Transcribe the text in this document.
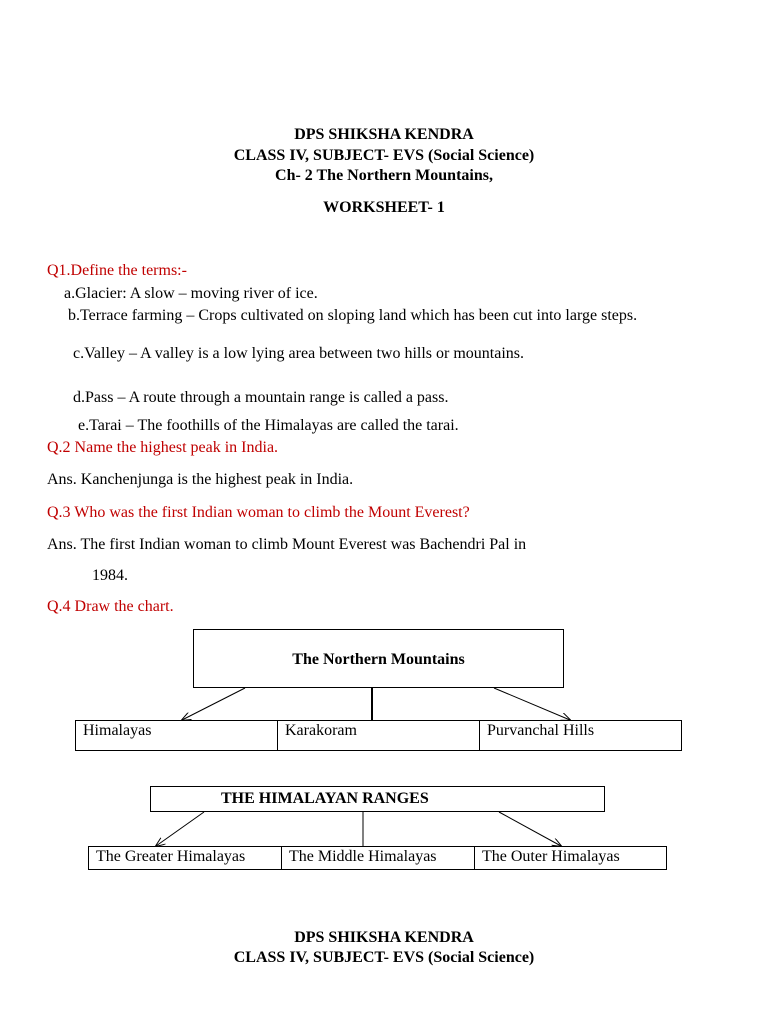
DPS SHIKSHA KENDRA
CLASS IV, SUBJECT- EVS (Social Science)
Ch- 2 The Northern Mountains,
WORKSHEET- 1
Q1.Define the terms:-
a.Glacier: A slow – moving river of ice.
b.Terrace farming – Crops cultivated on sloping land which has been cut into large steps.
c.Valley – A valley is a low lying area between two hills or mountains.
d.Pass – A route through a mountain range is called a pass.
e.Tarai – The foothills of the Himalayas are called the tarai.
Q.2 Name the highest peak in India.
Ans. Kanchenjunga is the highest peak in India.
Q.3 Who was the first Indian woman to climb the Mount Everest?
Ans. The first Indian woman to climb Mount Everest was Bachendri Pal in
1984.
Q.4 Draw the chart.
The Northern Mountains
Himalayas	Karakoram	Purvanchal Hills
THE HIMALAYAN RANGES
The Greater Himalayas	The Middle Himalayas	The Outer Himalayas
DPS SHIKSHA KENDRA
CLASS IV, SUBJECT- EVS (Social Science)
